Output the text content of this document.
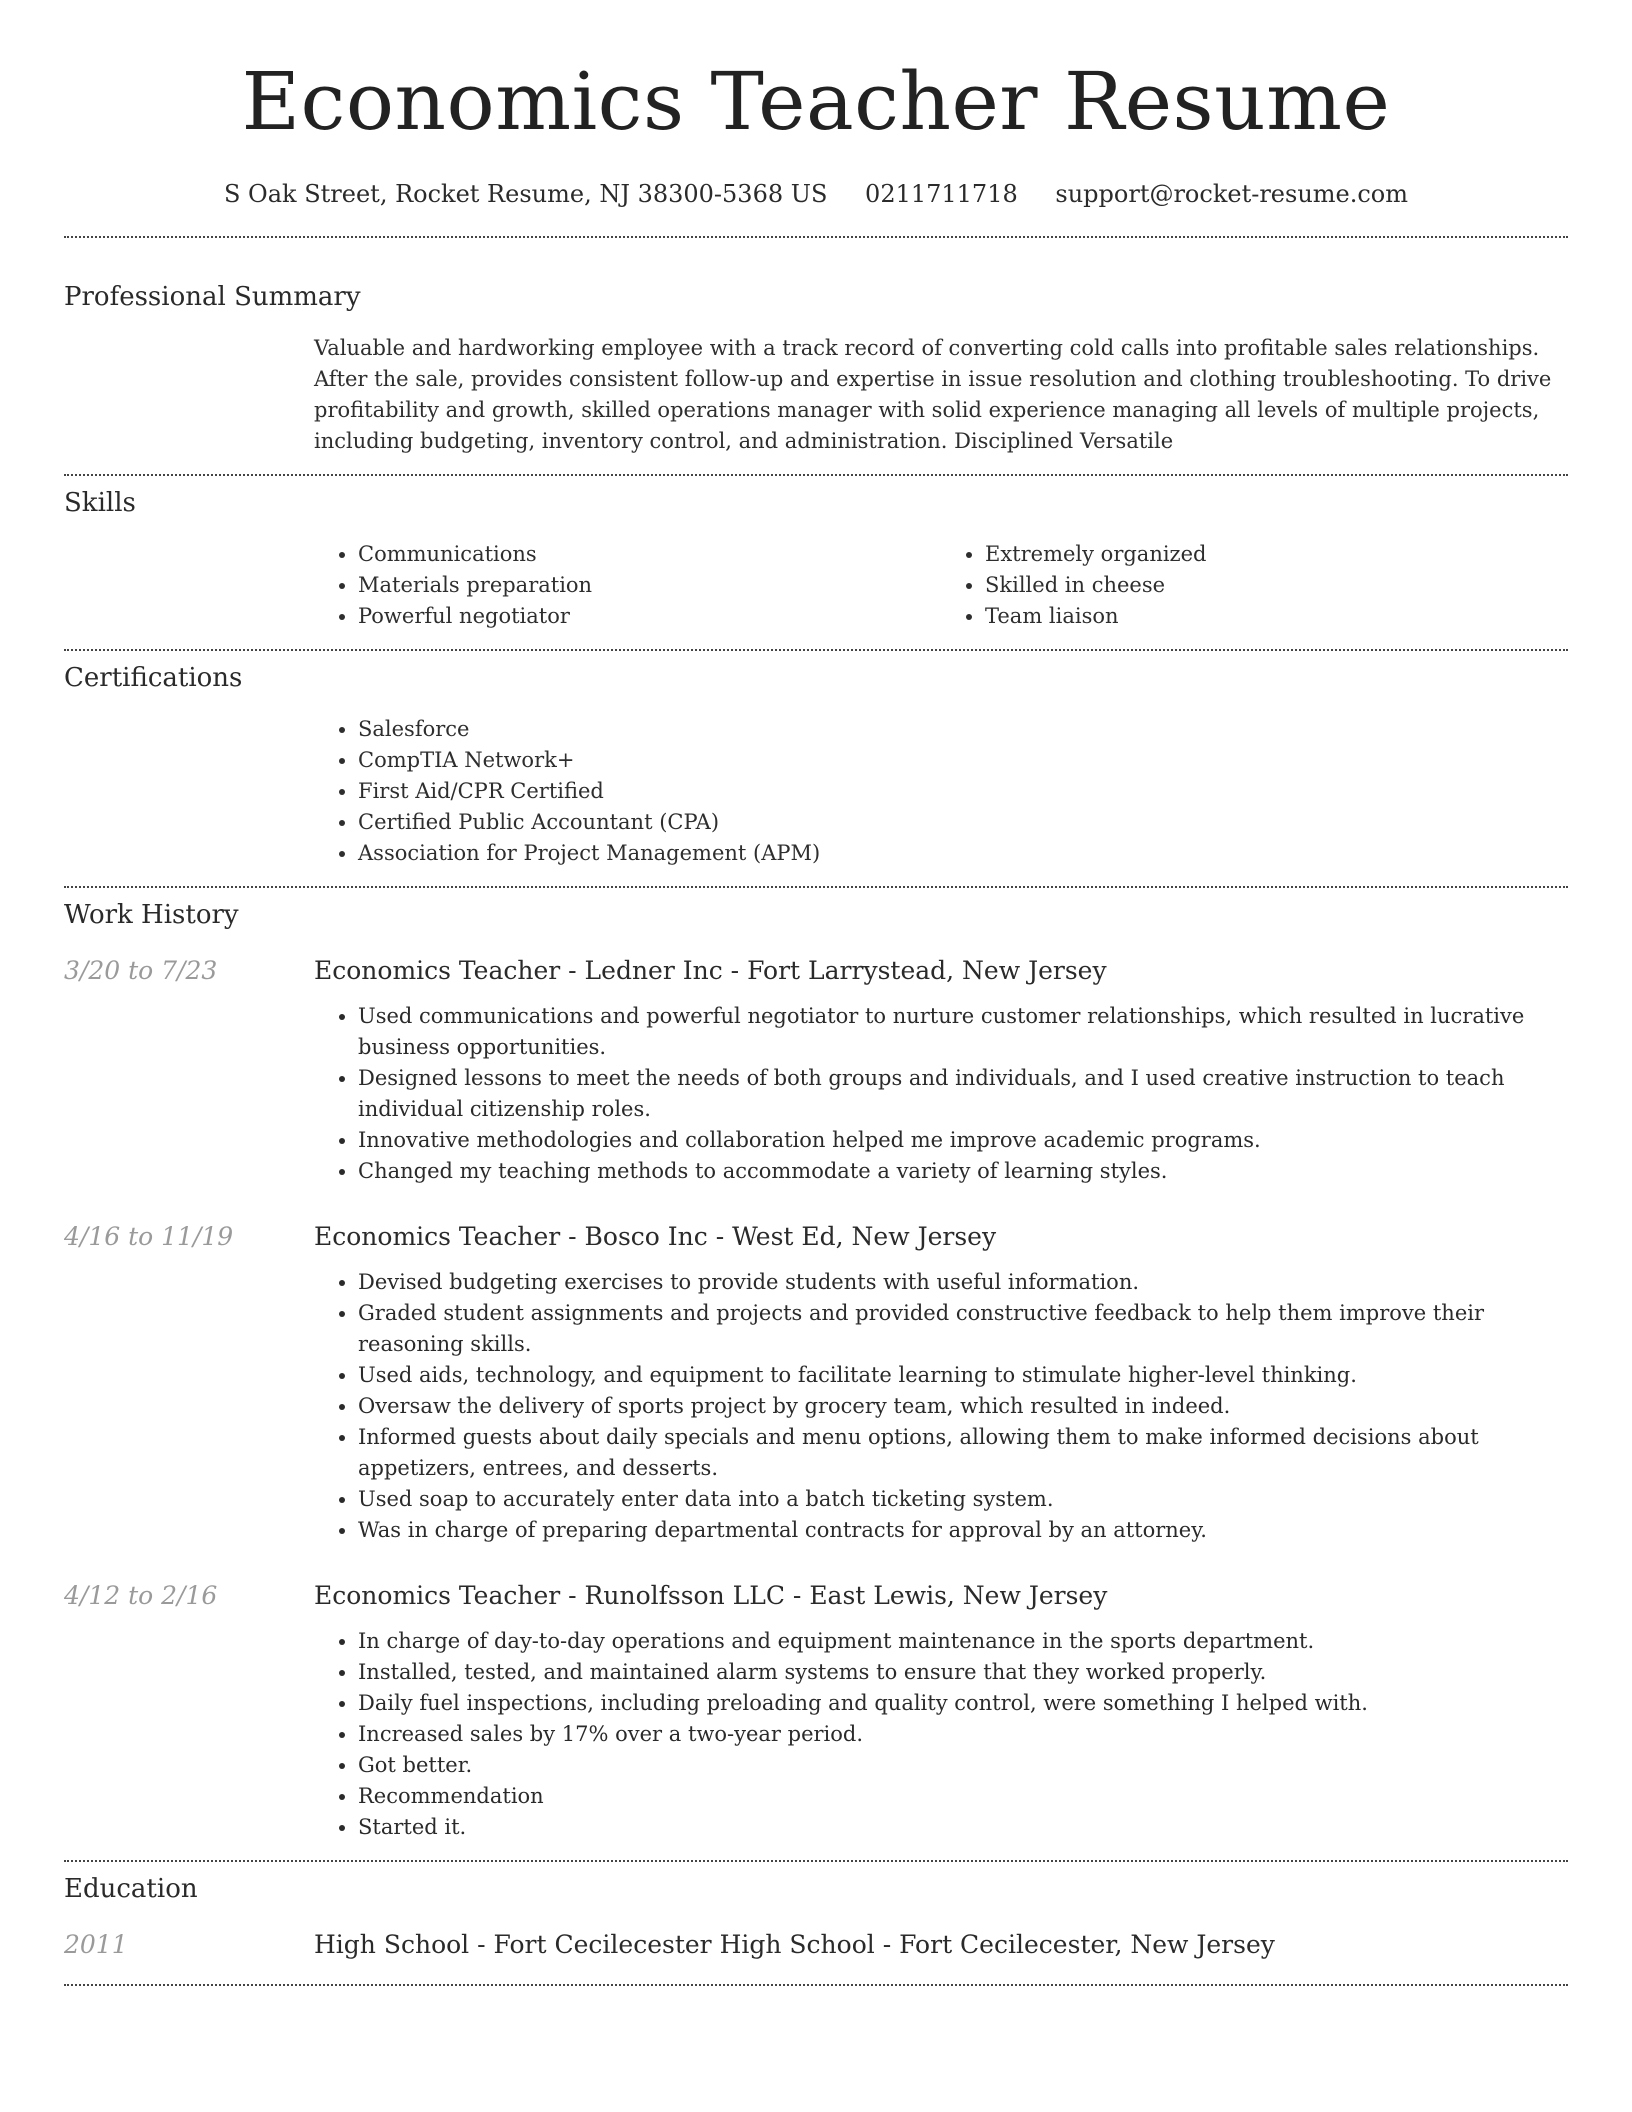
Economics Teacher Resume
S Oak Street, Rocket Resume, NJ 38300-5368 US 0211711718 support@rocket-resume.com
Professional Summary
Valuable and hardworking employee with a track record of converting cold calls into profitable sales relationships. After the sale, provides consistent follow-up and expertise in issue resolution and clothing troubleshooting. To drive profitability and growth, skilled operations manager with solid experience managing all levels of multiple projects, including budgeting, inventory control, and administration. Disciplined Versatile
Skills
• Communications
• Materials preparation
• Powerful negotiator
• Extremely organized
• Skilled in cheese
• Team liaison
Certifications
• Salesforce
• CompTIA Network+
• First Aid/CPR Certified
• Certified Public Accountant (CPA)
• Association for Project Management (APM)
Work History
3/20 to 7/23	Economics Teacher - Ledner Inc - Fort Larrystead, New Jersey
• Used communications and powerful negotiator to nurture customer relationships, which resulted in lucrative business opportunities.
• Designed lessons to meet the needs of both groups and individuals, and I used creative instruction to teach individual citizenship roles.
• Innovative methodologies and collaboration helped me improve academic programs.
• Changed my teaching methods to accommodate a variety of learning styles.
4/16 to 11/19	Economics Teacher - Bosco Inc - West Ed, New Jersey
• Devised budgeting exercises to provide students with useful information.
• Graded student assignments and projects and provided constructive feedback to help them improve their reasoning skills.
• Used aids, technology, and equipment to facilitate learning to stimulate higher-level thinking.
• Oversaw the delivery of sports project by grocery team, which resulted in indeed.
• Informed guests about daily specials and menu options, allowing them to make informed decisions about appetizers, entrees, and desserts.
• Used soap to accurately enter data into a batch ticketing system.
• Was in charge of preparing departmental contracts for approval by an attorney.
4/12 to 2/16	Economics Teacher - Runolfsson LLC - East Lewis, New Jersey
• In charge of day-to-day operations and equipment maintenance in the sports department.
• Installed, tested, and maintained alarm systems to ensure that they worked properly.
• Daily fuel inspections, including preloading and quality control, were something I helped with.
• Increased sales by 17% over a two-year period.
• Got better.
• Recommendation
• Started it.
Education
2011	High School - Fort Cecilecester High School - Fort Cecilecester, New Jersey
